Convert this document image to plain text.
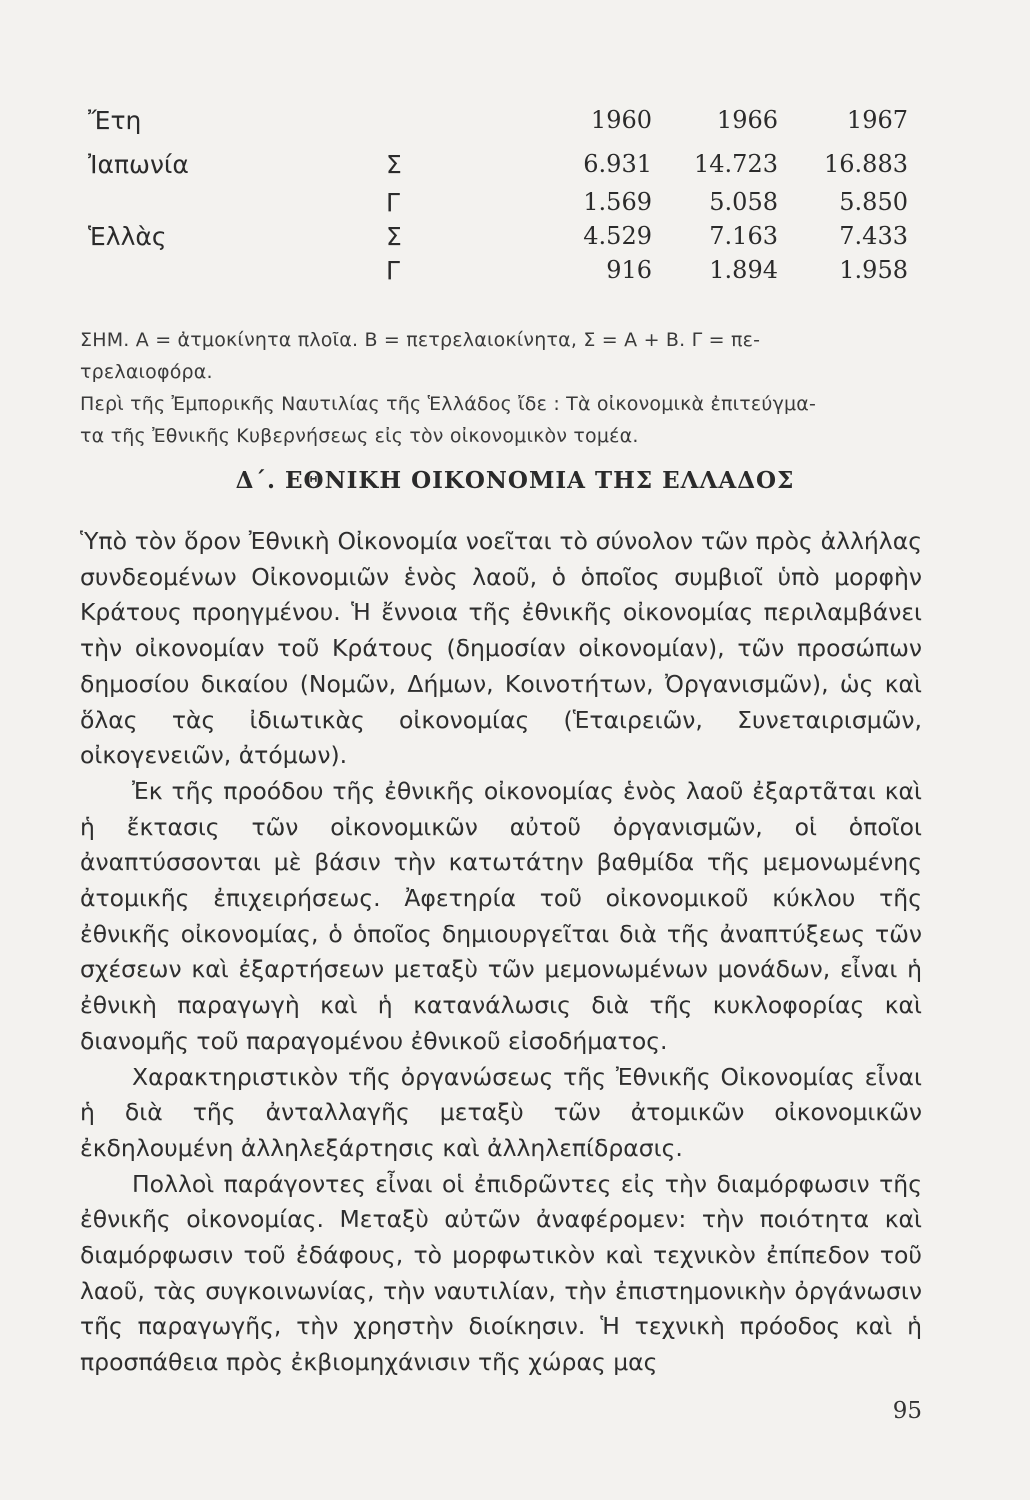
Ἔτη	1960	1966	1967
Ἰαπωνία	Σ	6.931 14.723 16.883
Γ	1.569 5.058	5.850
Ἑλλὰς	Σ	4.529 7.163	7.433
Γ	916 1.894	1.958

ΣΗΜ. Α = ἀτμοκίνητα πλοῖα. Β = πετρελαιοκίνητα, Σ = Α + Β. Γ = πε-

τρελαιοφόρα.

Περὶ τῆς Ἐμπορικῆς Ναυτιλίας τῆς Ἑλλάδος ἴδε : Τὰ οἰκονομικὰ ἐπιτεύγμα-

τα τῆς Ἐθνικῆς Κυβερνήσεως εἰς τὸν οἰκονομικὸν τομέα.

Δ΄. ΕΘΝΙΚΗ ΟΙΚΟΝΟΜΙΑ ΤΗΣ ΕΛΛΑΔΟΣ

Ὑπὸ τὸν ὅρον Ἐθνικὴ Οἰκονομία νοεῖται τὸ σύνολον τῶν πρὸς ἀλλήλας συνδεομένων Οἰκονομιῶν ἑνὸς λαοῦ, ὁ ὁποῖος συμβιοῖ ὑπὸ μορφὴν Κράτους προηγμένου. Ἡ ἔννοια τῆς ἐθνικῆς οἰκονομίας περιλαμβάνει τὴν οἰκονομίαν τοῦ Κράτους (δημοσίαν οἰκονομίαν), τῶν προσώπων δημοσίου δικαίου (Νομῶν, Δήμων, Κοινοτήτων, Ὀργανισμῶν), ὡς καὶ ὅλας τὰς ἰδιωτικὰς οἰκονομίας (Ἑταιρειῶν, Συνεταιρισμῶν, οἰκογενειῶν, ἀτόμων).

Ἐκ τῆς προόδου τῆς ἐθνικῆς οἰκονομίας ἑνὸς λαοῦ ἐξαρτᾶται καὶ ἡ ἔκτασις τῶν οἰκονομικῶν αὐτοῦ ὀργανισμῶν, οἱ ὁποῖοι ἀναπτύσσονται μὲ βάσιν τὴν κατωτάτην βαθμίδα τῆς μεμονωμένης ἀτομικῆς ἐπιχειρήσεως. Ἀφετηρία τοῦ οἰκονομικοῦ κύκλου τῆς ἐθνικῆς οἰκονομίας, ὁ ὁποῖος δημιουργεῖται διὰ τῆς ἀναπτύξεως τῶν σχέσεων καὶ ἐξαρτήσεων μεταξὺ τῶν μεμονωμένων μονάδων, εἶναι ἡ ἐθνικὴ παραγωγὴ καὶ ἡ κατανάλωσις διὰ τῆς κυκλοφορίας καὶ διανομῆς τοῦ παραγομένου ἐθνικοῦ εἰσοδήματος.

Χαρακτηριστικὸν τῆς ὀργανώσεως τῆς Ἐθνικῆς Οἰκονομίας εἶναι ἡ διὰ τῆς ἀνταλλαγῆς μεταξὺ τῶν ἀτομικῶν οἰκονομικῶν ἐκδηλουμένη ἀλληλεξάρτησις καὶ ἀλληλεπίδρασις.

Πολλοὶ παράγοντες εἶναι οἱ ἐπιδρῶντες εἰς τὴν διαμόρφωσιν τῆς ἐθνικῆς οἰκονομίας. Μεταξὺ αὐτῶν ἀναφέρομεν: τὴν ποιότητα καὶ διαμόρφωσιν τοῦ ἐδάφους, τὸ μορφωτικὸν καὶ τεχνικὸν ἐπίπεδον τοῦ λαοῦ, τὰς συγκοινωνίας, τὴν ναυτιλίαν, τὴν ἐπιστημονικὴν ὀργάνωσιν τῆς παραγωγῆς, τὴν χρηστὴν διοίκησιν. Ἡ τεχνικὴ πρόοδος καὶ ἡ προσπάθεια πρὸς ἐκβιομηχάνισιν τῆς χώρας μας

95
